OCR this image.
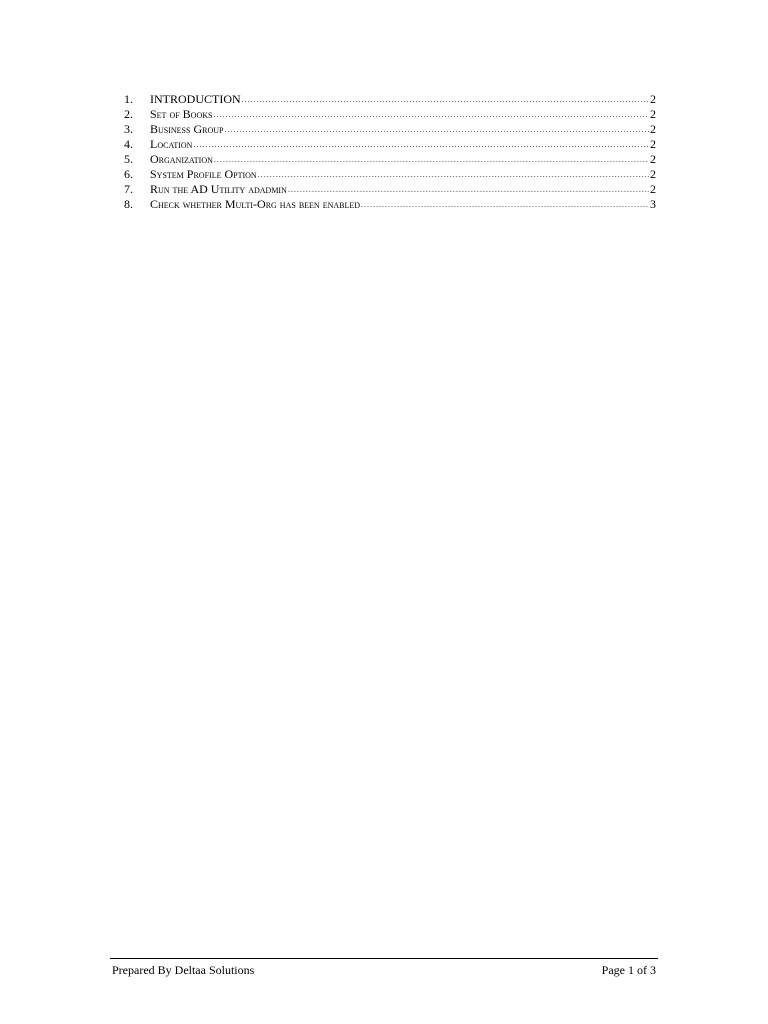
1.	INTRODUCTION .....	2
2.	Set of Books .....	2
3.	Business Group .....	2
4.	Location .....	2
5.	Organization .....	2
6.	System Profile Option .....	2
7.	Run the AD Utility adadmin .....	2
8.	Check whether Multi-Org has been enabled .....	3
Prepared By Deltaa Solutions	Page 1 of 3
